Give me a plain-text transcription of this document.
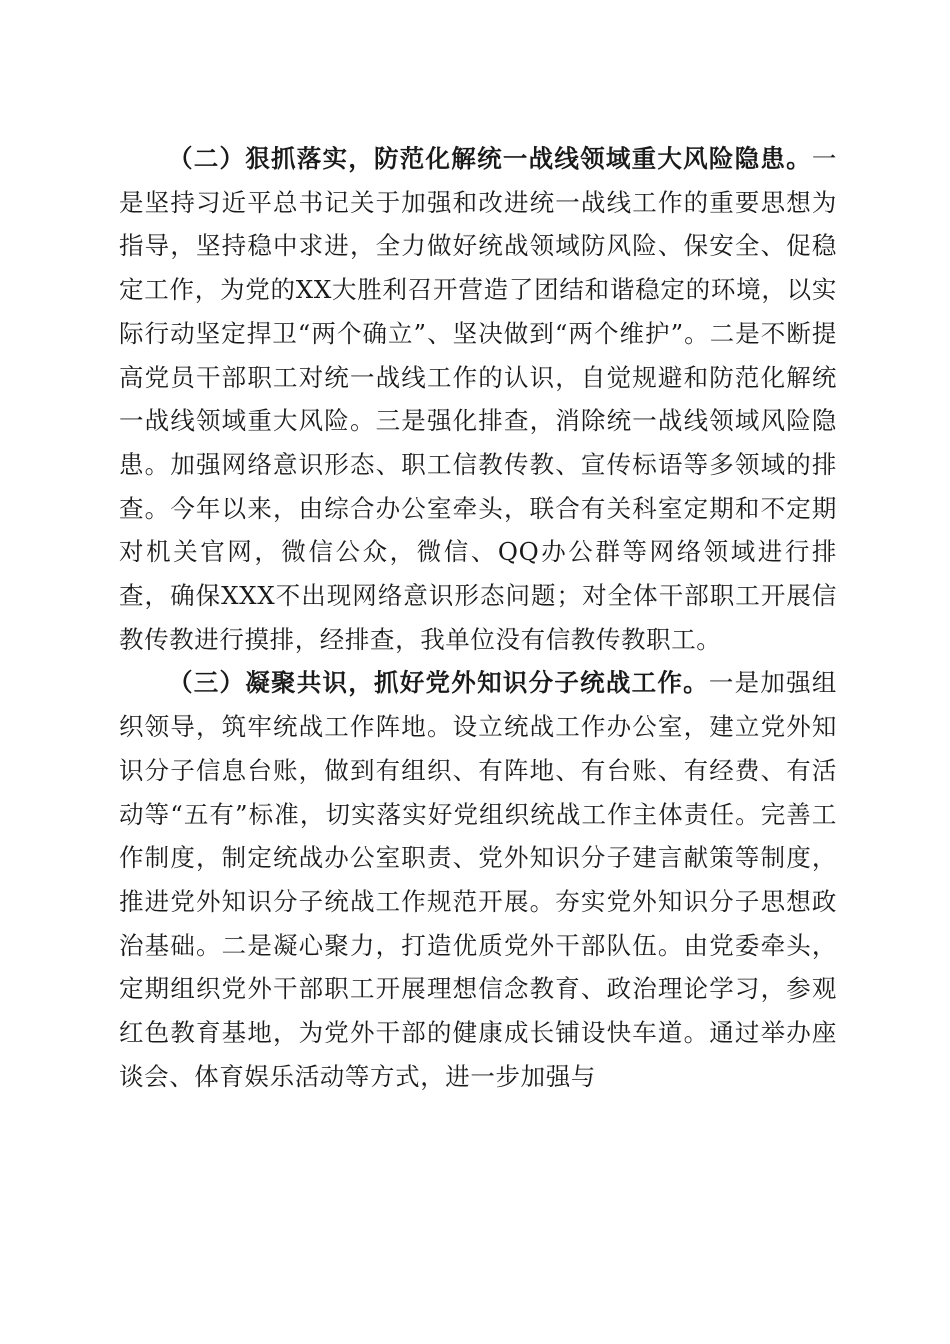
（二）狠抓落实，防范化解统一战线领域重大风险隐患。一是坚持习近平总书记关于加强和改进统一战线工作的重要思想为指导，坚持稳中求进，全力做好统战领域防风险、保安全、促稳定工作，为党的XX大胜利召开营造了团结和谐稳定的环境，以实际行动坚定捍卫“两个确立”、坚决做到“两个维护”。二是不断提高党员干部职工对统一战线工作的认识，自觉规避和防范化解统一战线领域重大风险。三是强化排查，消除统一战线领域风险隐患。加强网络意识形态、职工信教传教、宣传标语等多领域的排查。今年以来，由综合办公室牵头，联合有关科室定期和不定期对机关官网，微信公众，微信、QQ办公群等网络领域进行排查，确保XXX不出现网络意识形态问题；对全体干部职工开展信教传教进行摸排，经排查，我单位没有信教传教职工。

（三）凝聚共识，抓好党外知识分子统战工作。一是加强组织领导，筑牢统战工作阵地。设立统战工作办公室，建立党外知识分子信息台账，做到有组织、有阵地、有台账、有经费、有活动等“五有”标准，切实落实好党组织统战工作主体责任。完善工作制度，制定统战办公室职责、党外知识分子建言献策等制度，推进党外知识分子统战工作规范开展。夯实党外知识分子思想政治基础。二是凝心聚力，打造优质党外干部队伍。由党委牵头，定期组织党外干部职工开展理想信念教育、政治理论学习，参观红色教育基地，为党外干部的健康成长铺设快车道。通过举办座谈会、体育娱乐活动等方式，进一步加强与
